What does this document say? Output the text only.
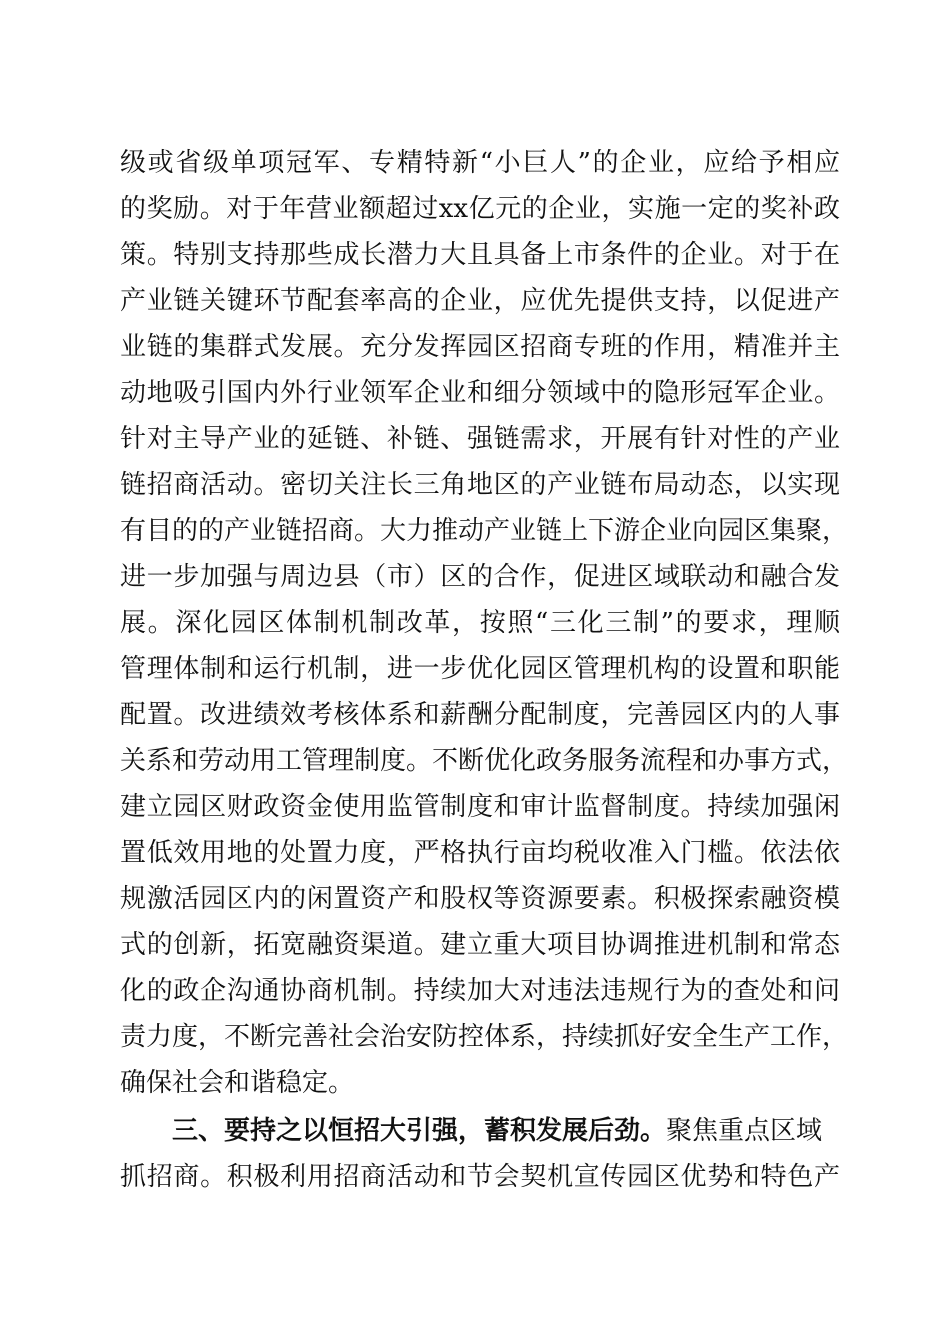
级或省级单项冠军、专精特新“小巨人”的企业，应给予相应
的奖励。对于年营业额超过xx亿元的企业，实施一定的奖补政
策。特别支持那些成长潜力大且具备上市条件的企业。对于在
产业链关键环节配套率高的企业，应优先提供支持，以促进产
业链的集群式发展。充分发挥园区招商专班的作用，精准并主
动地吸引国内外行业领军企业和细分领域中的隐形冠军企业。
针对主导产业的延链、补链、强链需求，开展有针对性的产业
链招商活动。密切关注长三角地区的产业链布局动态，以实现
有目的的产业链招商。大力推动产业链上下游企业向园区集聚，
进一步加强与周边县（市）区的合作，促进区域联动和融合发
展。深化园区体制机制改革，按照“三化三制”的要求，理顺
管理体制和运行机制，进一步优化园区管理机构的设置和职能
配置。改进绩效考核体系和薪酬分配制度，完善园区内的人事
关系和劳动用工管理制度。不断优化政务服务流程和办事方式，
建立园区财政资金使用监管制度和审计监督制度。持续加强闲
置低效用地的处置力度，严格执行亩均税收准入门槛。依法依
规激活园区内的闲置资产和股权等资源要素。积极探索融资模
式的创新，拓宽融资渠道。建立重大项目协调推进机制和常态
化的政企沟通协商机制。持续加大对违法违规行为的查处和问
责力度，不断完善社会治安防控体系，持续抓好安全生产工作，
确保社会和谐稳定。
三、要持之以恒招大引强，蓄积发展后劲。聚焦重点区域
抓招商。积极利用招商活动和节会契机宣传园区优势和特色产
